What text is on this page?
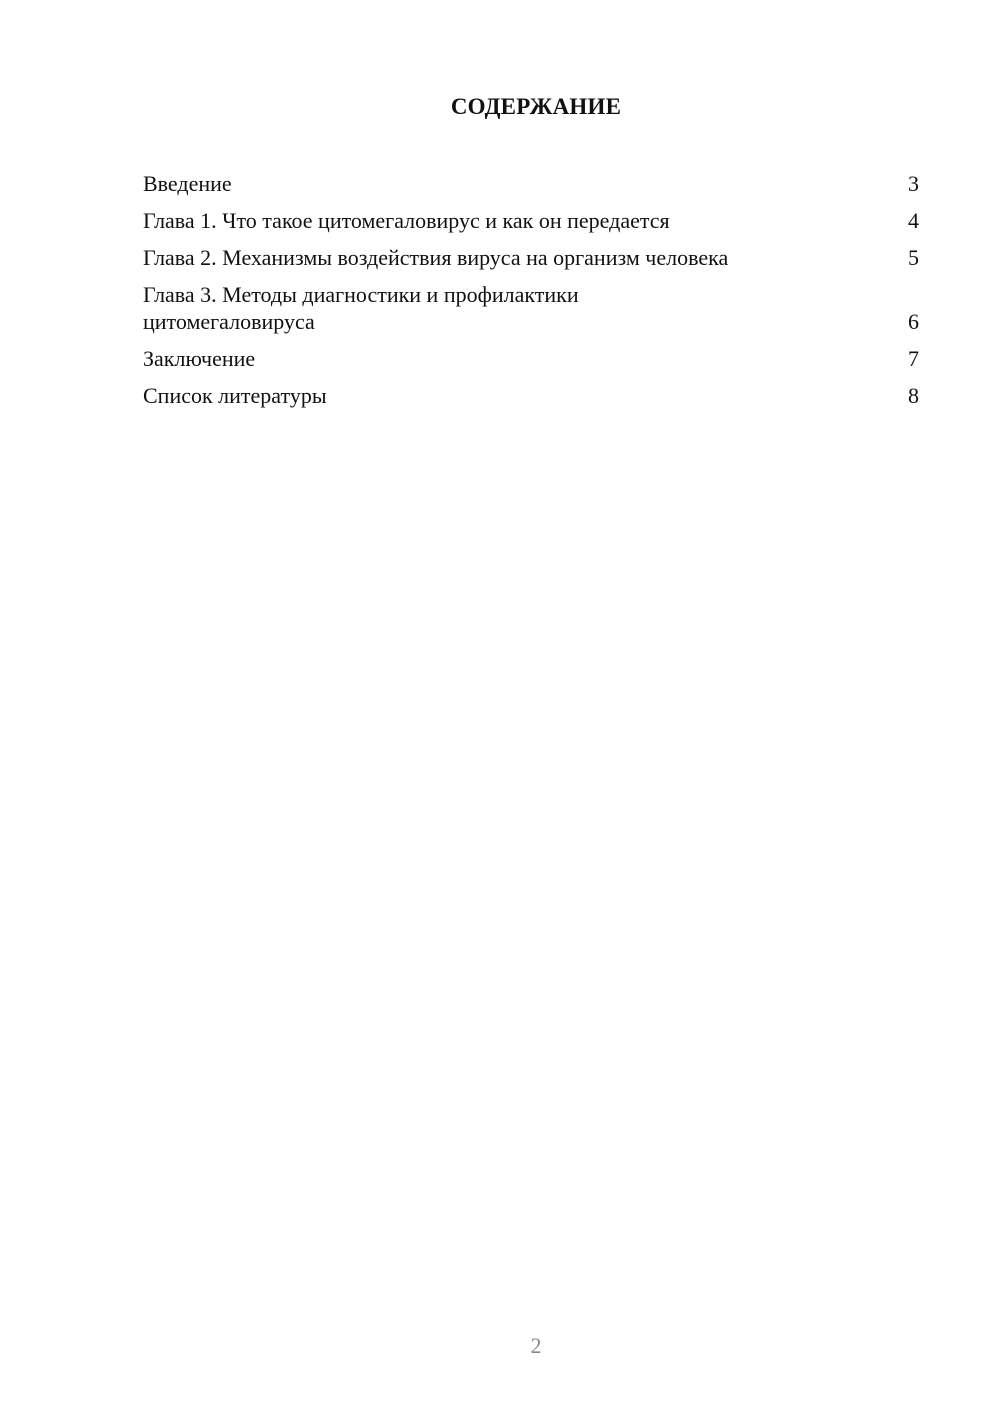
СОДЕРЖАНИЕ
Введение	3
Глава 1. Что такое цитомегаловирус и как он передается	4
Глава 2. Механизмы воздействия вируса на организм человека	5
Глава 3. Методы диагностики и профилактики цитомегаловируса	6
Заключение	7
Список литературы	8
2
